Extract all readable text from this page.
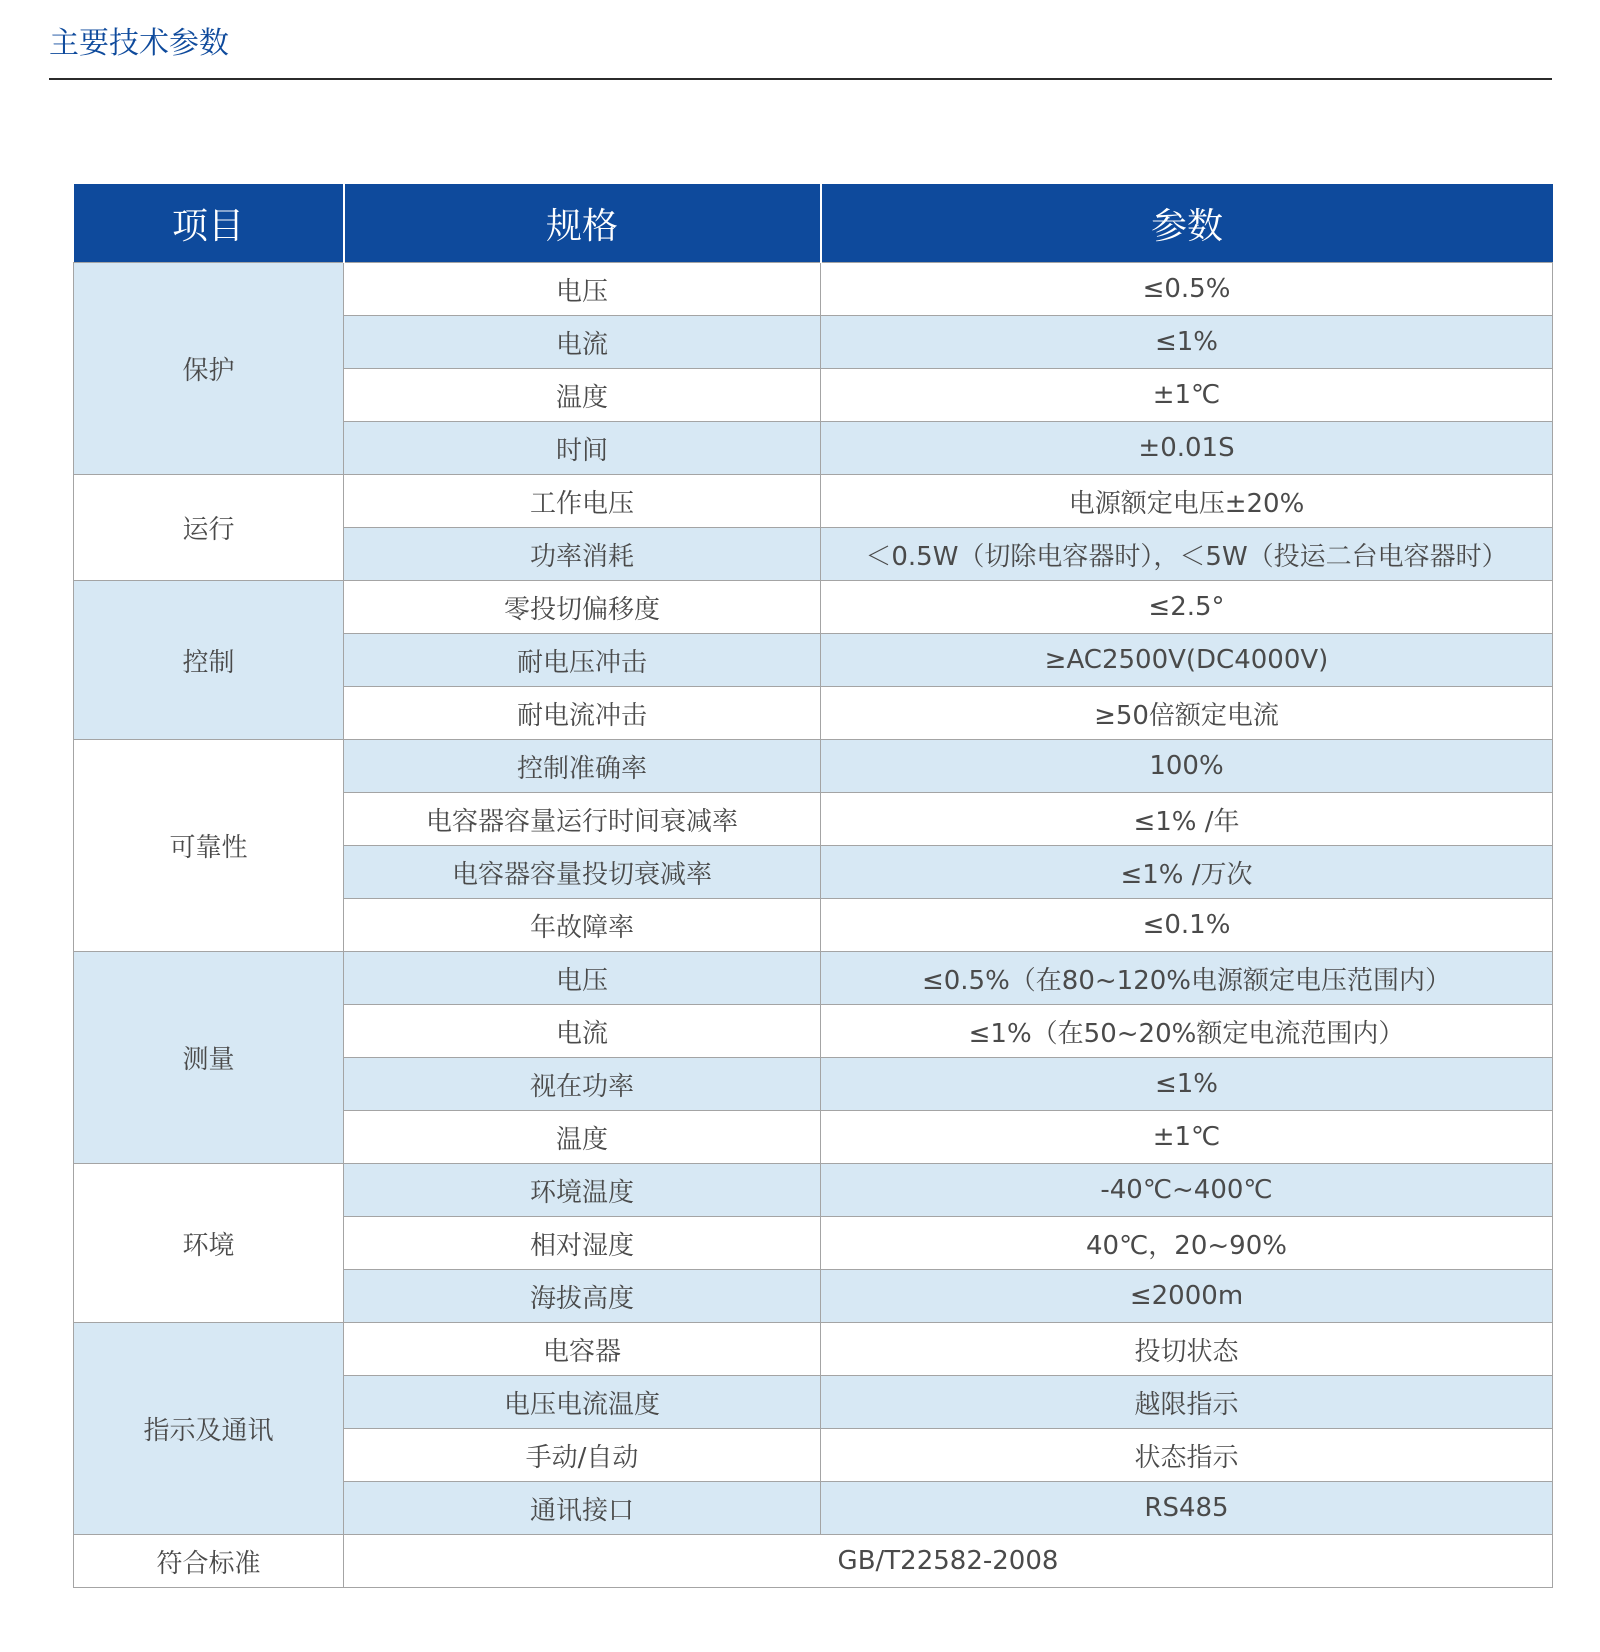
主要技术参数
项目	规格	参数
保护	电压	≤0.5%
	电流	≤1%
	温度	±1℃
	时间	±0.01S
运行	工作电压	电源额定电压±20%
	功率消耗	＜0.5W（切除电容器时），＜5W（投运二台电容器时）
控制	零投切偏移度	≤2.5°
	耐电压冲击	≥AC2500V(DC4000V)
	耐电流冲击	≥50倍额定电流
可靠性	控制准确率	100%
	电容器容量运行时间衰减率	≤1% /年
	电容器容量投切衰减率	≤1% /万次
	年故障率	≤0.1%
测量	电压	≤0.5%（在80~120%电源额定电压范围内）
	电流	≤1%（在50~20%额定电流范围内）
	视在功率	≤1%
	温度	±1℃
环境	环境温度	-40℃~400℃
	相对湿度	40℃，20~90%
	海拔高度	≤2000m
指示及通讯	电容器	投切状态
	电压电流温度	越限指示
	手动/自动	状态指示
	通讯接口	RS485
符合标准	GB/T22582-2008	
